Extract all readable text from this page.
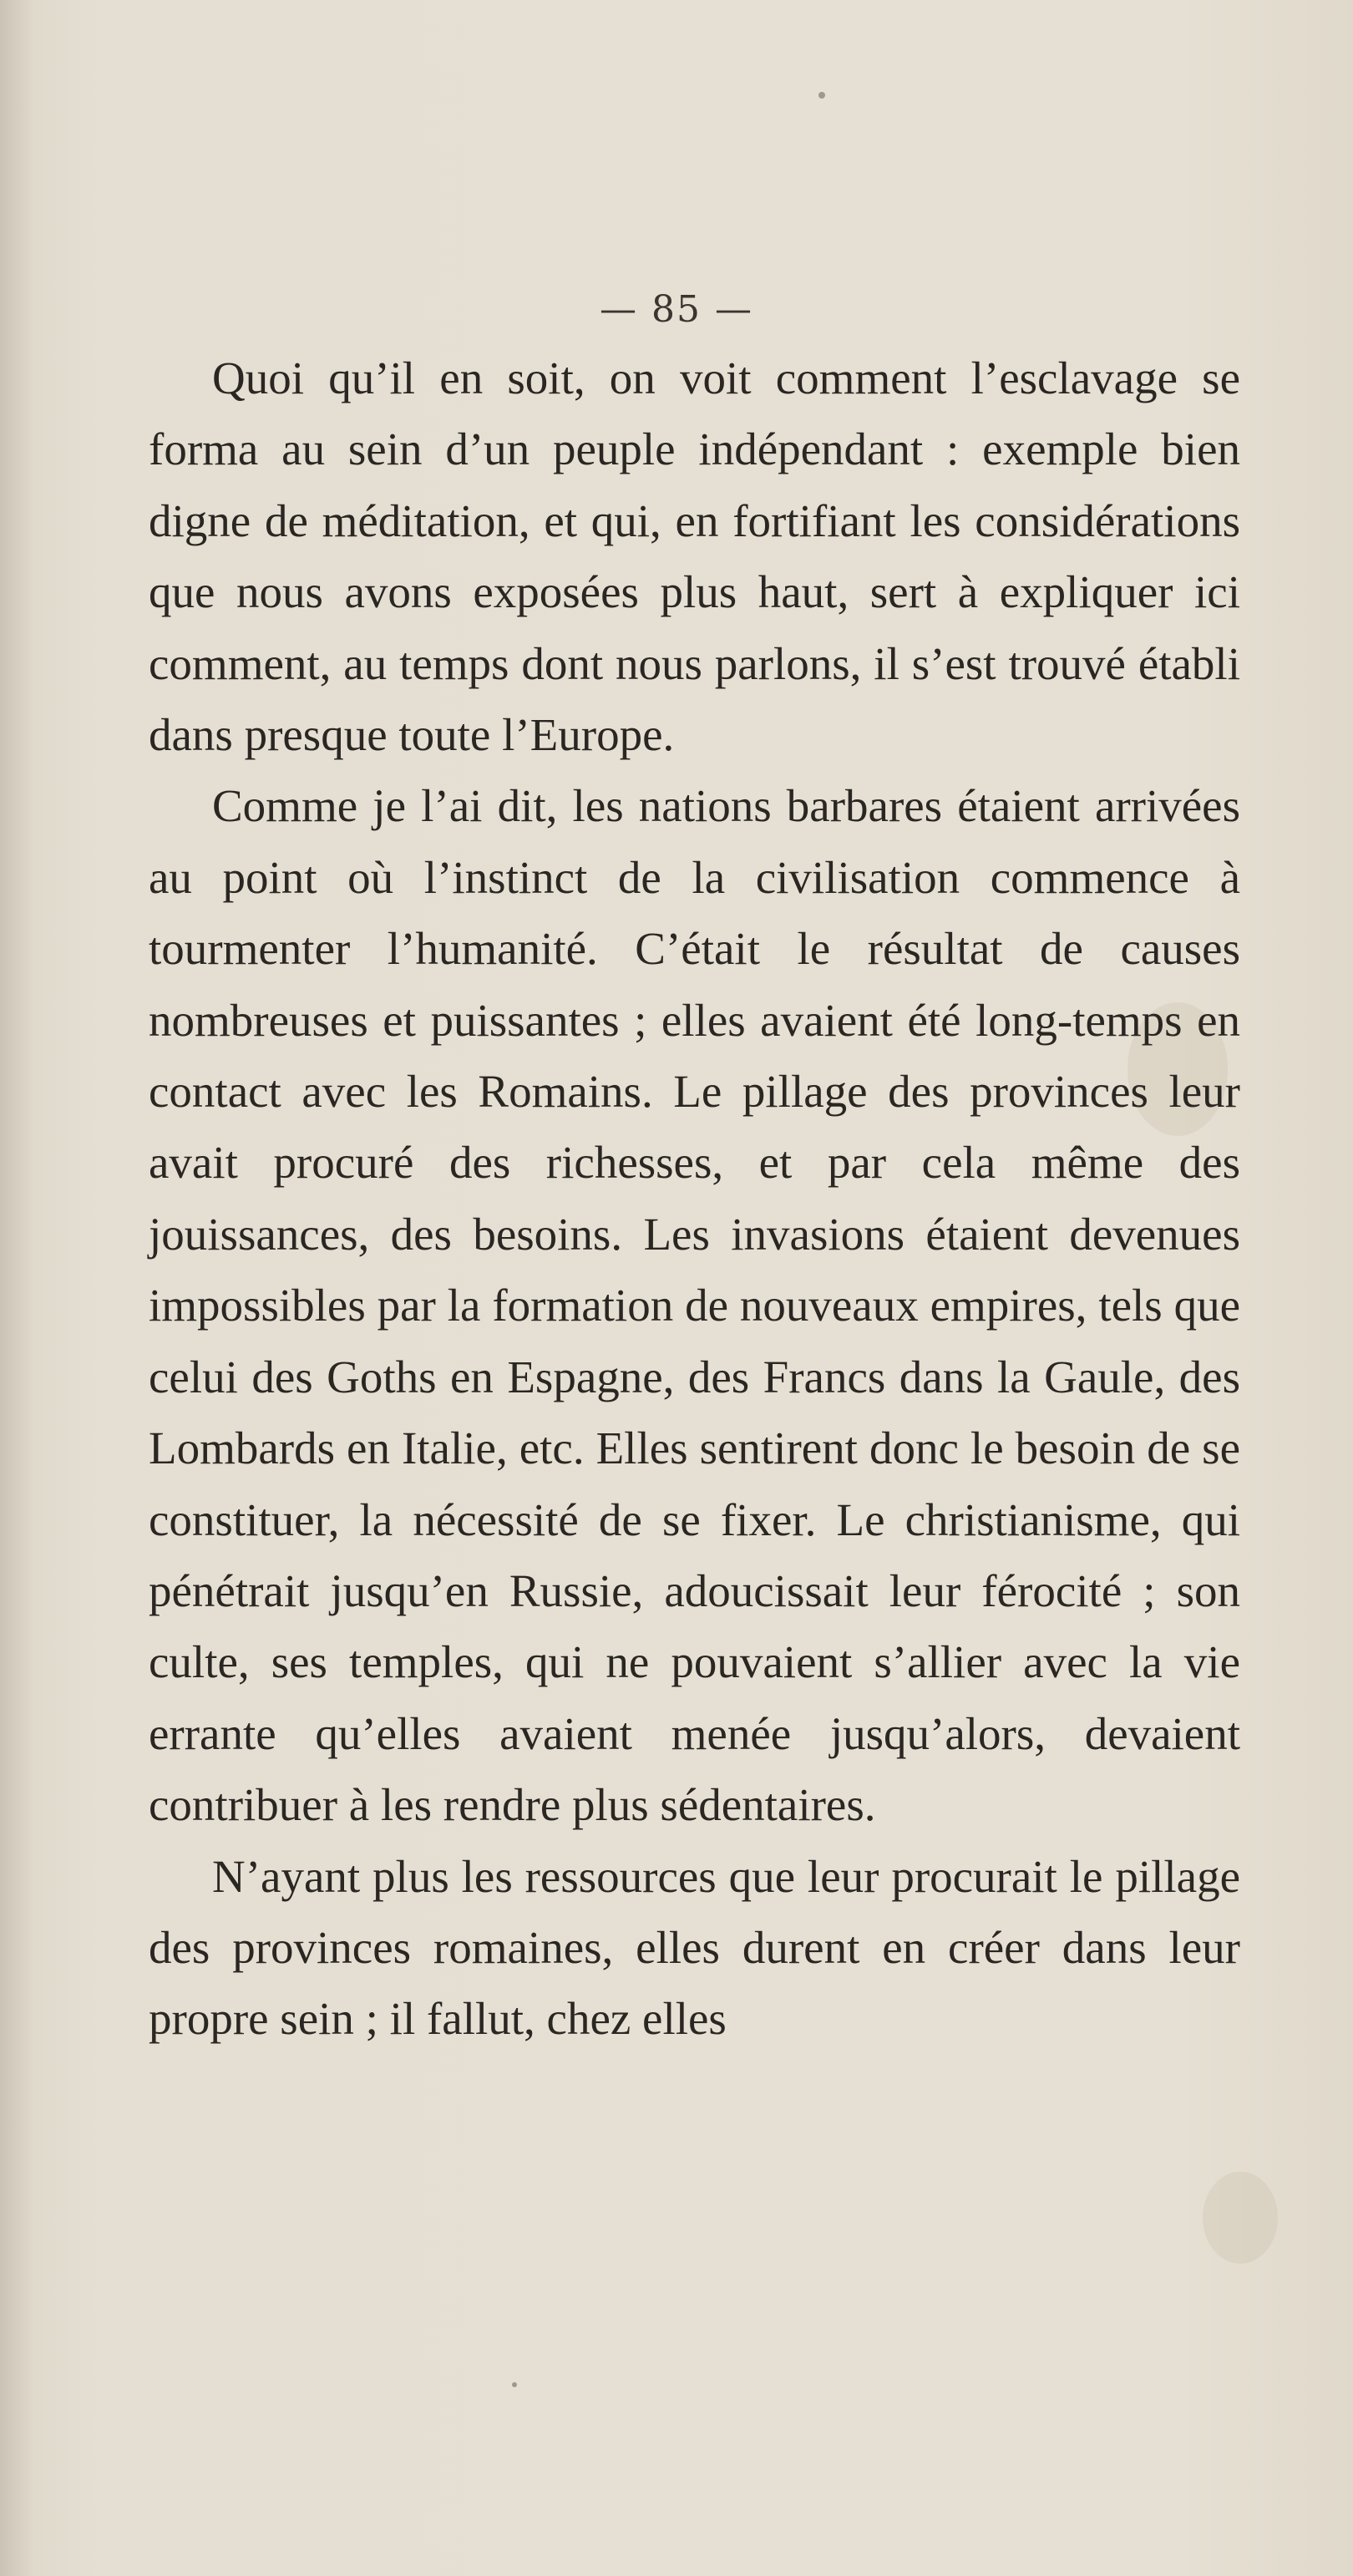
— 85 —

Quoi qu’il en soit, on voit comment l’esclavage se forma au sein d’un peuple indépendant : exemple bien digne de méditation, et qui, en fortifiant les considérations que nous avons exposées plus haut, sert à expliquer ici comment, au temps dont nous parlons, il s’est trouvé établi dans presque toute l’Europe.

Comme je l’ai dit, les nations barbares étaient arrivées au point où l’instinct de la civilisation commence à tourmenter l’humanité. C’était le résultat de causes nombreuses et puissantes ; elles avaient été long-temps en contact avec les Romains. Le pillage des provinces leur avait procuré des richesses, et par cela même des jouissances, des besoins. Les invasions étaient devenues impossibles par la formation de nouveaux empires, tels que celui des Goths en Espagne, des Francs dans la Gaule, des Lombards en Italie, etc. Elles sentirent donc le besoin de se constituer, la nécessité de se fixer. Le christianisme, qui pénétrait jusqu’en Russie, adoucissait leur férocité ; son culte, ses temples, qui ne pouvaient s’allier avec la vie errante qu’elles avaient menée jusqu’alors, devaient contribuer à les rendre plus sédentaires.

N’ayant plus les ressources que leur procurait le pillage des provinces romaines, elles durent en créer dans leur propre sein ; il fallut, chez elles
